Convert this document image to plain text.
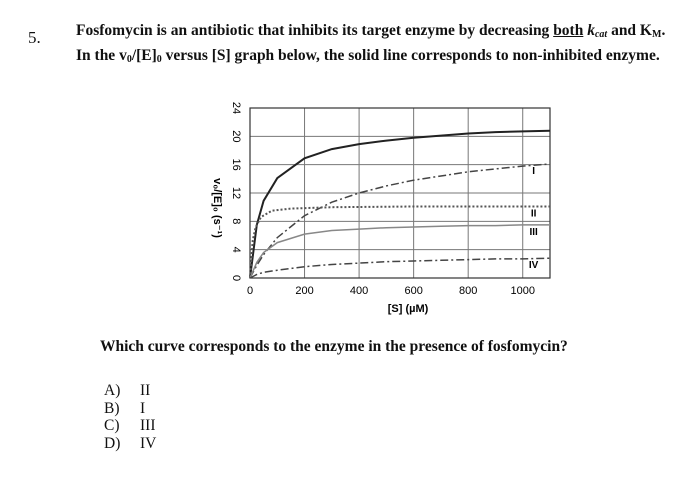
5. Fosfomycin is an antibiotic that inhibits its target enzyme by decreasing both $k_{cat}$ and $K_M$. In the $v_0/[E]_0$ versus [S] graph below, the solid line corresponds to non-inhibited enzyme.
v₀/[E]₀ (s⁻¹)
[S] (µM)
0	200	400	600	800	1000
0
4
8
12
16
20
24
I
II
III
IV
Which curve corresponds to the enzyme in the presence of fosfomycin?
A)	II
B)	I
C)	III
D)	IV
